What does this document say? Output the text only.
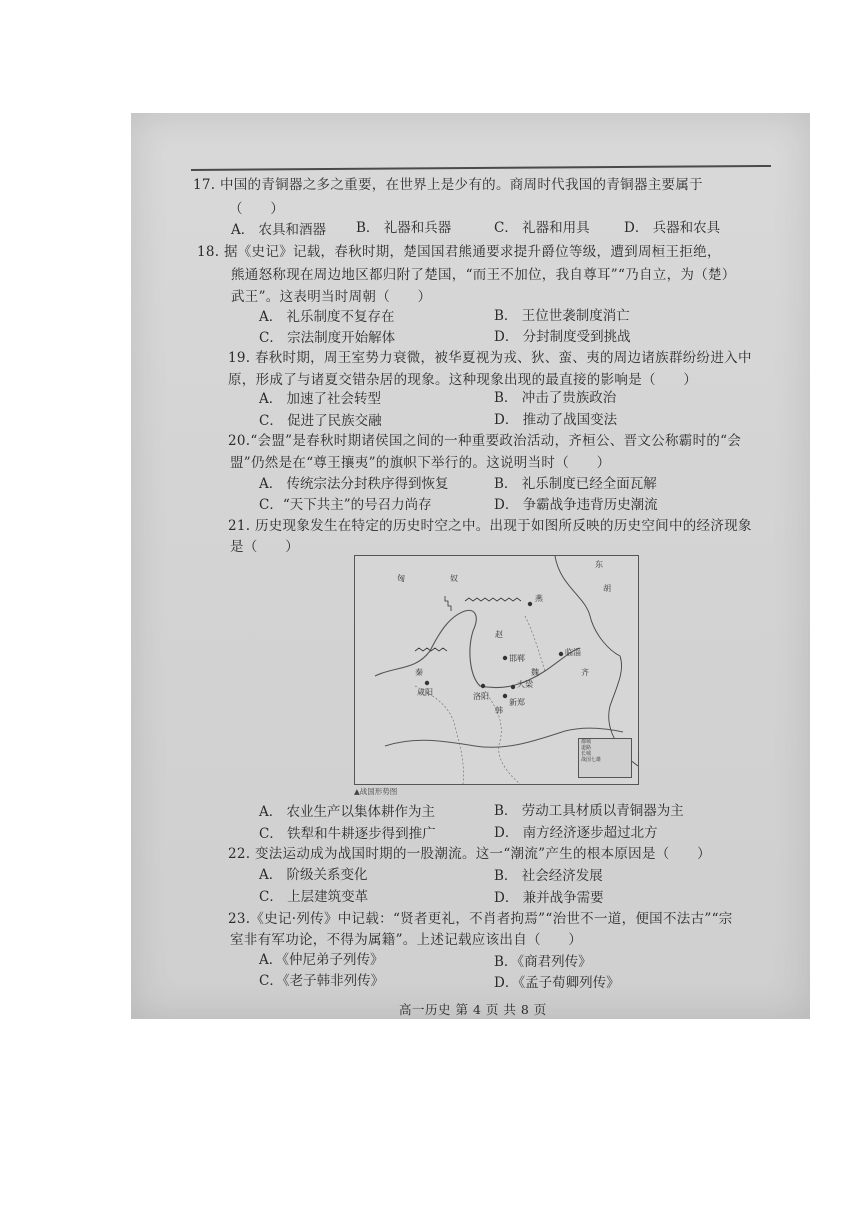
17. 中国的青铜器之多之重要，在世界上是少有的。商周时代我国的青铜器主要属于
（　　）
A． 农具和酒器 B． 礼器和兵器	C． 礼器和用具	D． 兵器和农具
18. 据《史记》记载，春秋时期，楚国国君熊通要求提升爵位等级，遭到周桓王拒绝，
熊通怒称现在周边地区都归附了楚国，“而王不加位，我自尊耳”“乃自立，为（楚）
武王”。这表明当时周朝（　　）
A． 礼乐制度不复存在	B． 王位世袭制度消亡
C． 宗法制度开始解体	D． 分封制度受到挑战
19. 春秋时期，周王室势力衰微，被华夏视为戎、狄、蛮、夷的周边诸族群纷纷进入中
原，形成了与诸夏交错杂居的现象。这种现象出现的最直接的影响是（　　）
A． 加速了社会转型	B． 冲击了贵族政治
C． 促进了民族交融	D． 推动了战国变法
20.“会盟”是春秋时期诸侯国之间的一种重要政治活动，齐桓公、晋文公称霸时的“会
盟”仍然是在“尊王攘夷”的旗帜下举行的。这说明当时（　　）
A． 传统宗法分封秩序得到恢复	B． 礼乐制度已经全面瓦解
C．“天下共主”的号召力尚存	D． 争霸战争违背历史潮流
21. 历史现象发生在特定的历史时空之中。出现于如图所反映的历史空间中的经济现象
是（　　）
匈	奴
东
胡
燕
邯郸
临淄
大梁
咸阳	洛阳
新郑
秦
赵
齐
韩
魏
都城
道路
长城
战国七雄
▲战国形势图
A． 农业生产以集体耕作为主	B． 劳动工具材质以青铜器为主
C． 铁犁和牛耕逐步得到推广	D． 南方经济逐步超过北方
22. 变法运动成为战国时期的一股潮流。这一“潮流”产生的根本原因是（　　）
A． 阶级关系变化	B． 社会经济发展
C． 上层建筑变革	D． 兼并战争需要
23.《史记·列传》中记载：“贤者更礼，不肖者拘焉”“治世不一道，便国不法古”“宗
室非有军功论，不得为属籍”。上述记载应该出自（　　）
A．《仲尼弟子列传》	B．《商君列传》
C．《老子韩非列传》	D．《孟子荀卿列传》
高一历史 第 4 页 共 8 页
